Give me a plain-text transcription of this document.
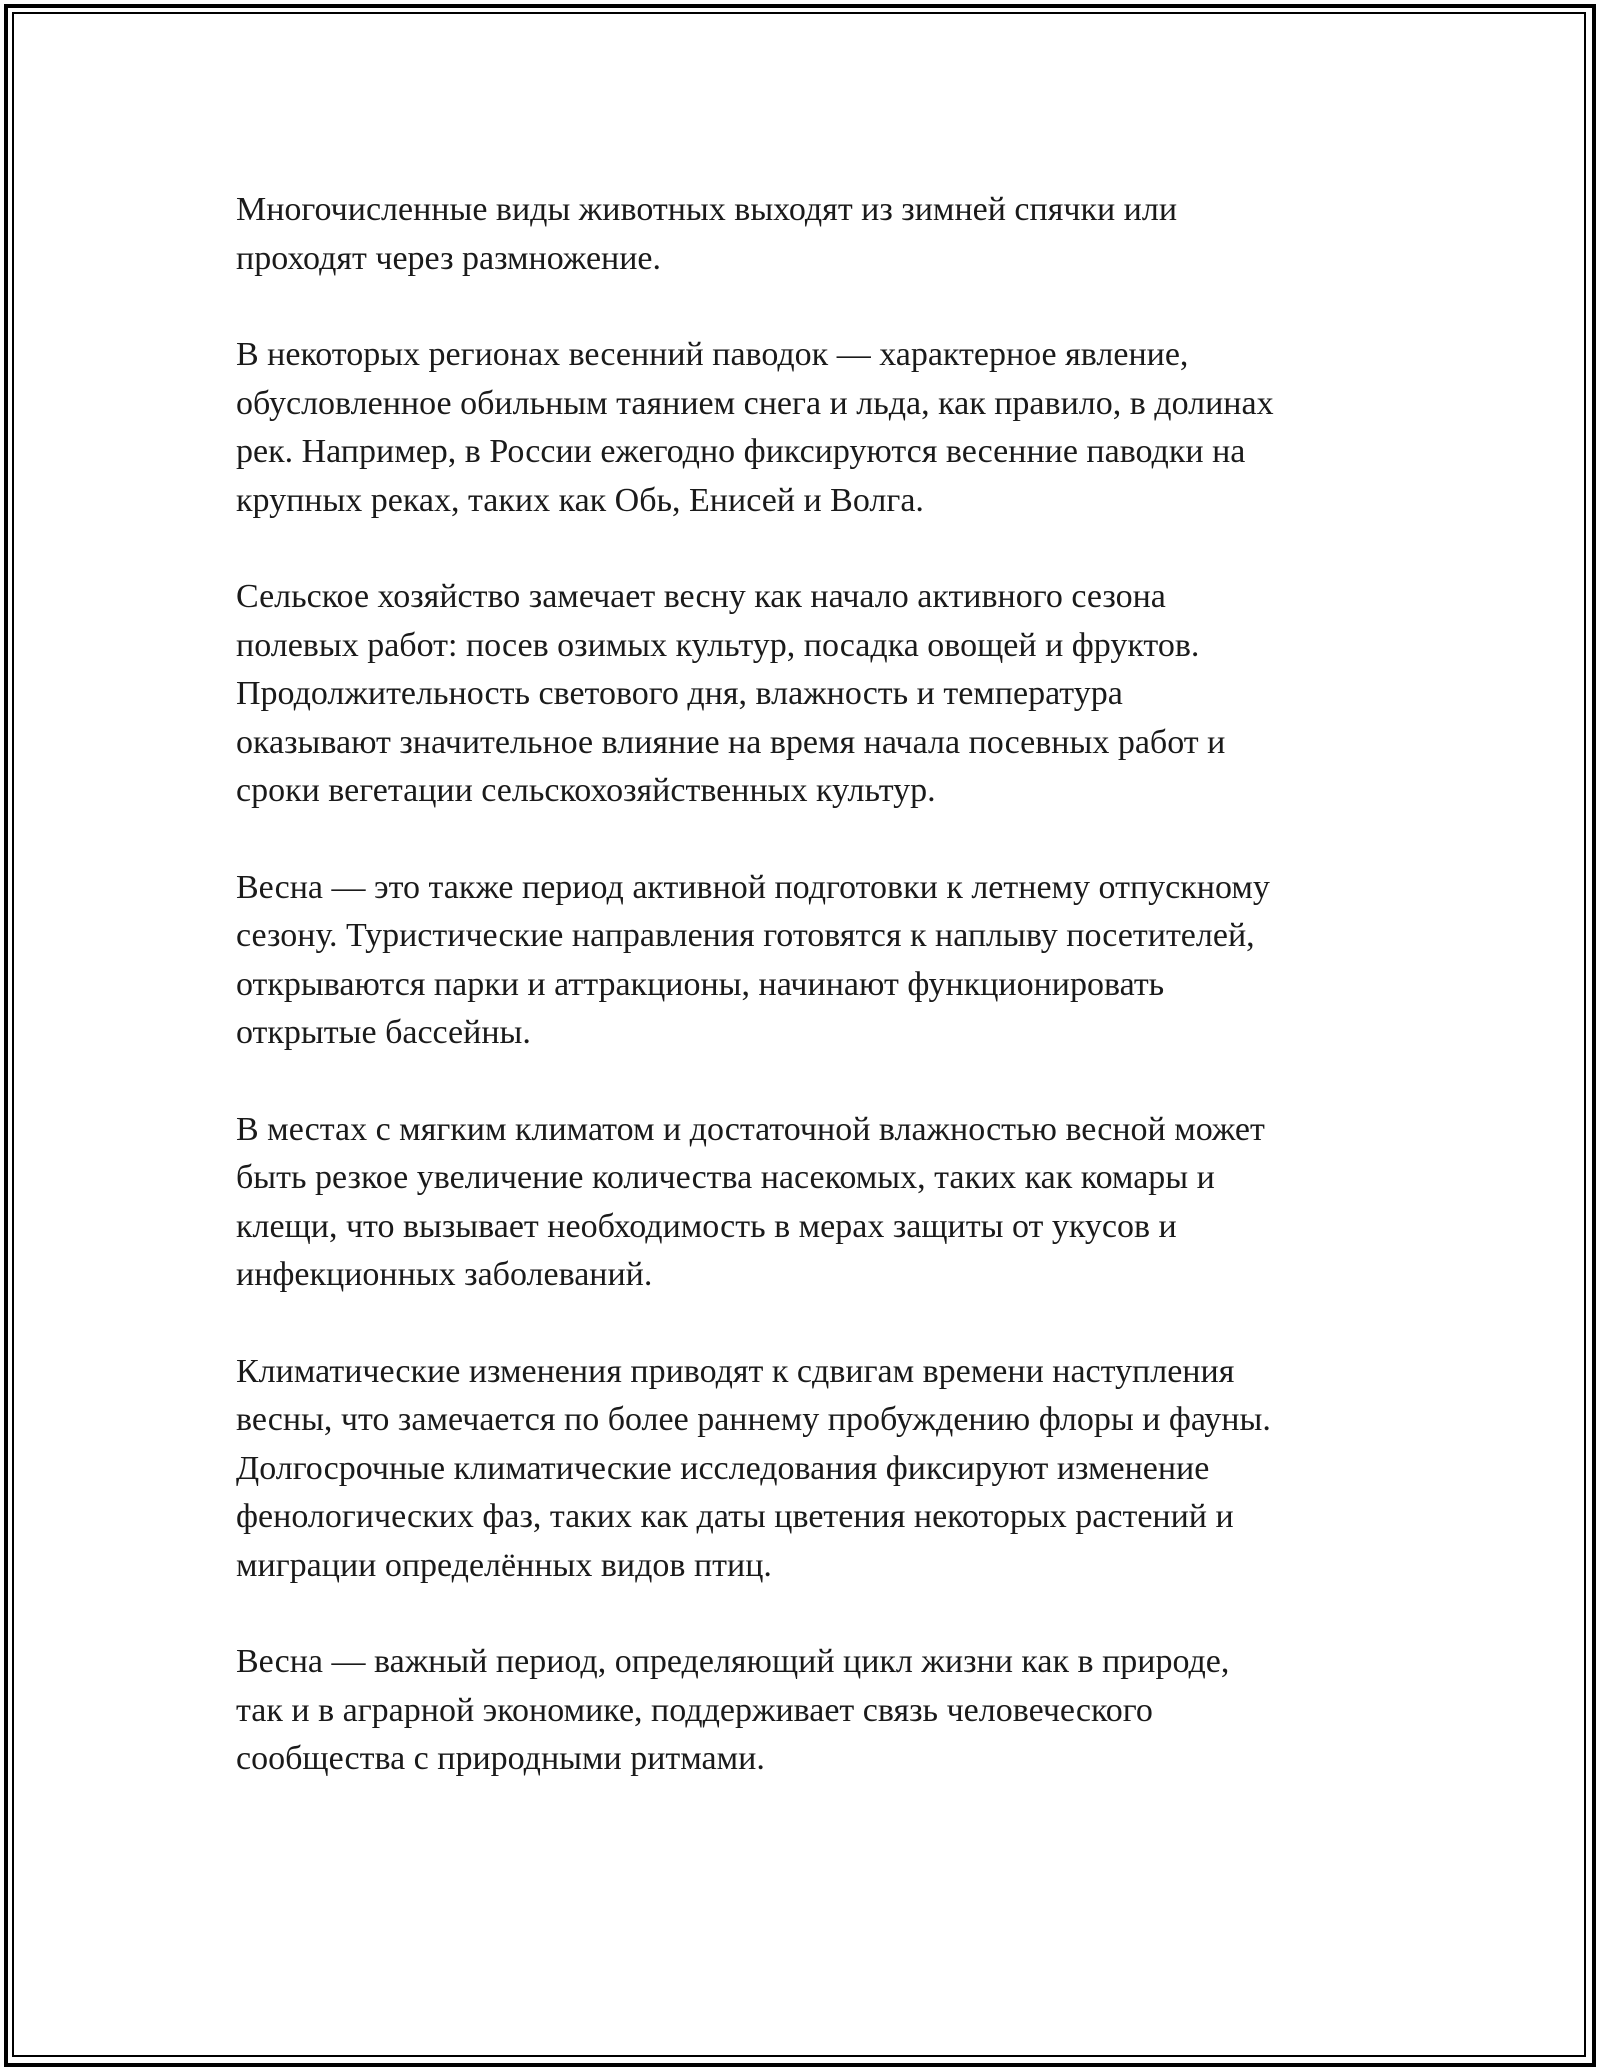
Многочисленные виды животных выходят из зимней спячки или
проходят через размножение.

В некоторых регионах весенний паводок — характерное явление,
обусловленное обильным таянием снега и льда, как правило, в долинах
рек. Например, в России ежегодно фиксируются весенние паводки на
крупных реках, таких как Обь, Енисей и Волга.

Сельское хозяйство замечает весну как начало активного сезона
полевых работ: посев озимых культур, посадка овощей и фруктов.
Продолжительность светового дня, влажность и температура
оказывают значительное влияние на время начала посевных работ и
сроки вегетации сельскохозяйственных культур.

Весна — это также период активной подготовки к летнему отпускному
сезону. Туристические направления готовятся к наплыву посетителей,
открываются парки и аттракционы, начинают функционировать
открытые бассейны.

В местах с мягким климатом и достаточной влажностью весной может
быть резкое увеличение количества насекомых, таких как комары и
клещи, что вызывает необходимость в мерах защиты от укусов и
инфекционных заболеваний.

Климатические изменения приводят к сдвигам времени наступления
весны, что замечается по более раннему пробуждению флоры и фауны.
Долгосрочные климатические исследования фиксируют изменение
фенологических фаз, таких как даты цветения некоторых растений и
миграции определённых видов птиц.

Весна — важный период, определяющий цикл жизни как в природе,
так и в аграрной экономике, поддерживает связь человеческого
сообщества с природными ритмами.
